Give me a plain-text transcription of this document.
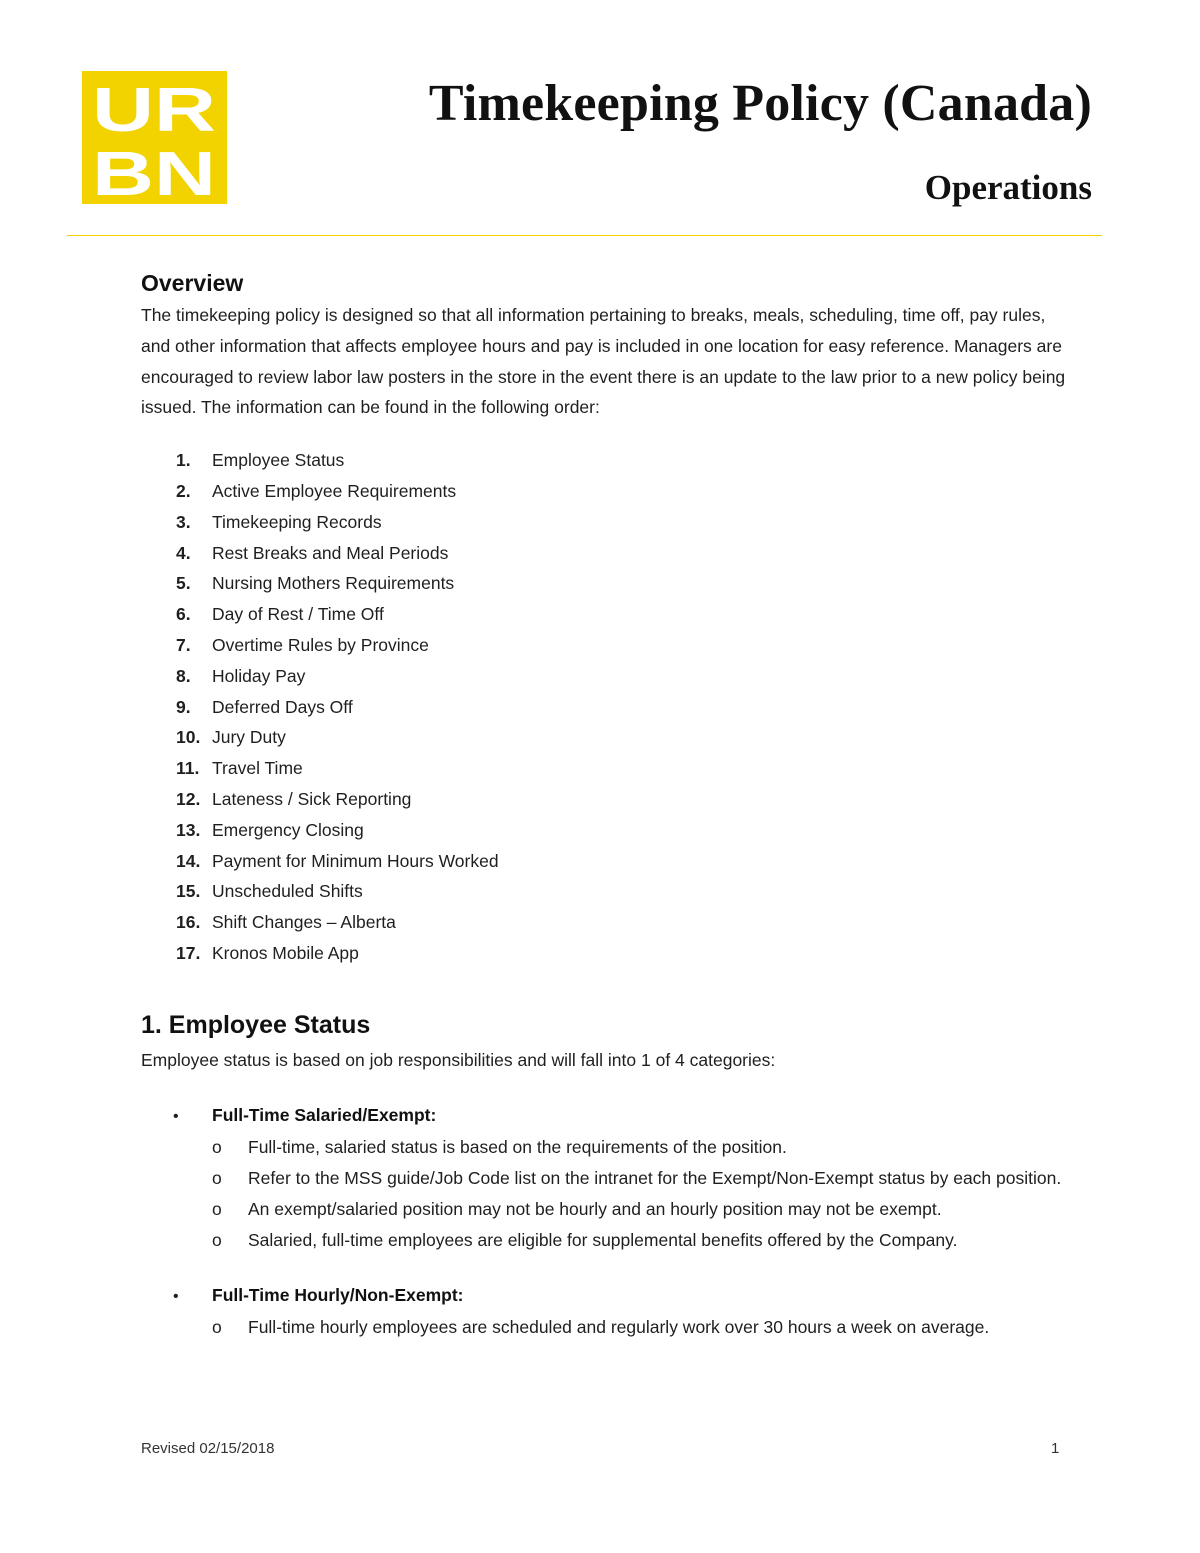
UR
BN
Timekeeping Policy (Canada)
Operations
Overview

The timekeeping policy is designed so that all information pertaining to breaks, meals, scheduling, time off, pay rules, and other information that affects employee hours and pay is included in one location for easy reference. Managers are encouraged to review labor law posters in the store in the event there is an update to the law prior to a new policy being issued. The information can be found in the following order:

1.	Employee Status
2.	Active Employee Requirements
3.	Timekeeping Records
4.	Rest Breaks and Meal Periods
5.	Nursing Mothers Requirements
6.	Day of Rest / Time Off
7.	Overtime Rules by Province
8.	Holiday Pay
9.	Deferred Days Off
10. Jury Duty
11. Travel Time
12. Lateness / Sick Reporting
13. Emergency Closing
14. Payment for Minimum Hours Worked
15. Unscheduled Shifts
16. Shift Changes – Alberta
17. Kronos Mobile App
1. Employee Status

Employee status is based on job responsibilities and will fall into 1 of 4 categories:

•	Full-Time Salaried/Exempt:
o	Full-time, salaried status is based on the requirements of the position.
o	Refer to the MSS guide/Job Code list on the intranet for the Exempt/Non-Exempt status by each position.
o	An exempt/salaried position may not be hourly and an hourly position may not be exempt.
o	Salaried, full-time employees are eligible for supplemental benefits offered by the Company.
•	Full-Time Hourly/Non-Exempt:
o	Full-time hourly employees are scheduled and regularly work over 30 hours a week on average.
Revised 02/15/2018	1
